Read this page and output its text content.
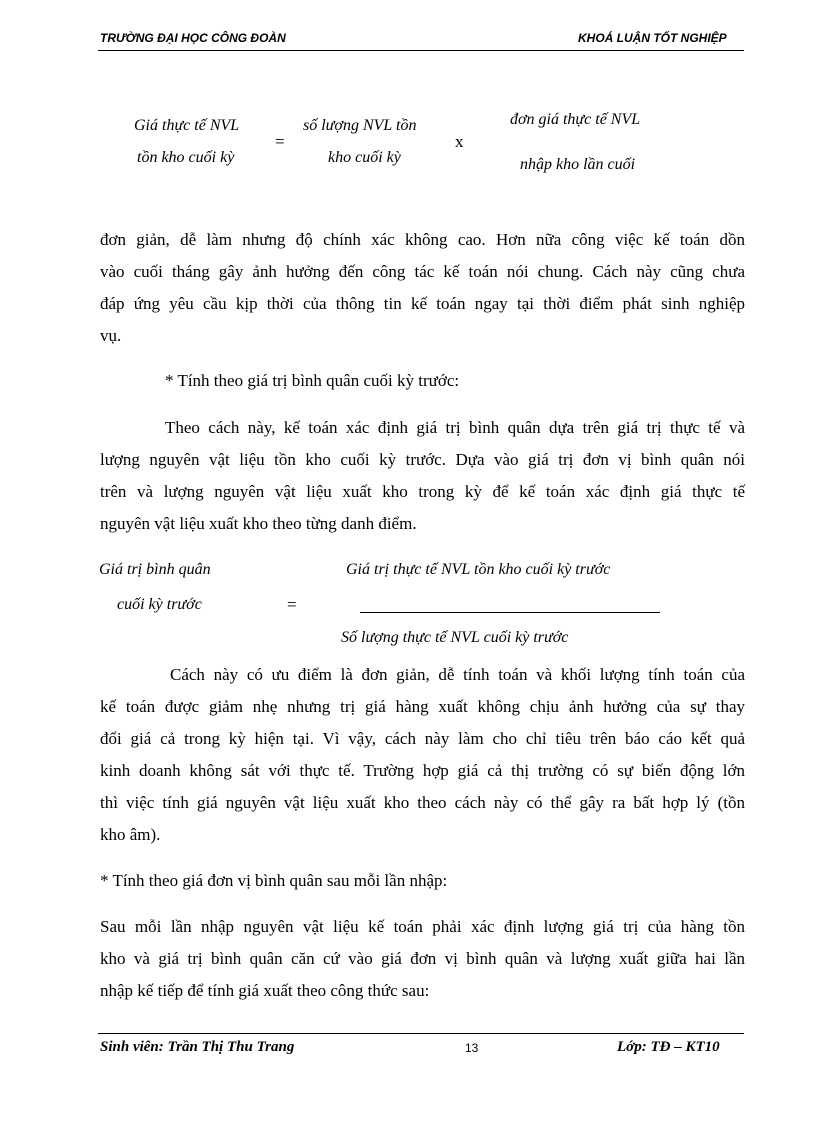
TRƯỜNG ĐẠI HỌC CÔNG ĐOÀN	KHOÁ LUẬN TỐT NGHIỆP
Giá thực tế NVL
tồn kho cuối kỳ
=
số lượng NVL tồn
kho cuối kỳ
x
đơn giá thực tế NVL
nhập kho lần cuối
đơn giản, dễ làm nhưng độ chính xác không cao. Hơn nữa công việc kế toán dồn
vào cuối tháng gây ảnh hưởng đến công tác kế toán nói chung. Cách này cũng chưa
đáp ứng yêu cầu kịp thời của thông tin kế toán ngay tại thời điểm phát sinh nghiệp
vụ.
* Tính theo giá trị bình quân cuối kỳ trước:
Theo cách này, kế toán xác định giá trị bình quân dựa trên giá trị thực tế và
lượng nguyên vật liệu tồn kho cuối kỳ trước. Dựa vào giá trị đơn vị bình quân nói
trên và lượng nguyên vật liệu xuất kho trong kỳ để kế toán xác định giá thực tế
nguyên vật liệu xuất kho theo từng danh điểm.
Giá trị bình quân
cuối kỳ trước	=
Giá trị thực tế NVL tồn kho cuối kỳ trước
Số lượng thực tế NVL cuối kỳ trước
Cách này có ưu điểm là đơn giản, dễ tính toán và khối lượng tính toán của
kế toán được giảm nhẹ nhưng trị giá hàng xuất không chịu ảnh hưởng của sự thay
đổi giá cả trong kỳ hiện tại. Vì vậy, cách này làm cho chỉ tiêu trên báo cáo kết quả
kinh doanh không sát với thực tế. Trường hợp giá cả thị trường có sự biến động lớn
thì việc tính giá nguyên vật liệu xuất kho theo cách này có thể gây ra bất hợp lý (tồn
kho âm).
* Tính theo giá đơn vị bình quân sau mỗi lần nhập:
Sau mỗi lần nhập nguyên vật liệu kế toán phải xác định lượng giá trị của hàng tồn
kho và giá trị bình quân căn cứ vào giá đơn vị bình quân và lượng xuất giữa hai lần
nhập kế tiếp để tính giá xuất theo công thức sau:
Sinh viên: Trần Thị Thu Trang	13	Lớp: TĐ – KT10
